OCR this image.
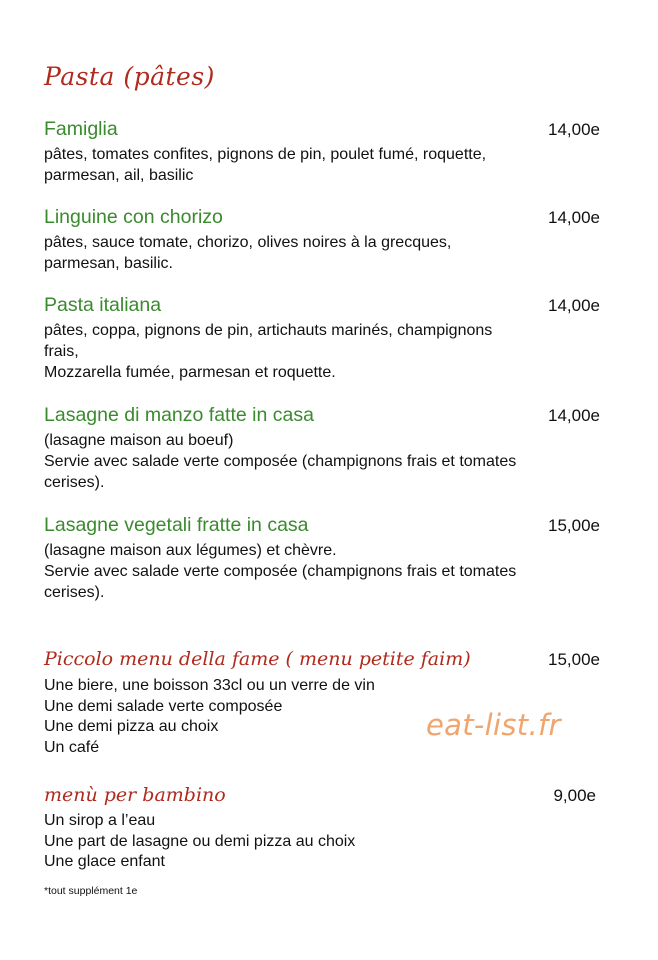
Pasta (pâtes)
Famiglia	14,00e
pâtes, tomates confites, pignons de pin, poulet fumé, roquette,
parmesan, ail, basilic
Linguine con chorizo	14,00e
pâtes, sauce tomate, chorizo, olives noires à la grecques,
parmesan, basilic.
Pasta italiana	14,00e
pâtes, coppa, pignons de pin, artichauts marinés, champignons
frais,
Mozzarella fumée, parmesan et roquette.
Lasagne di manzo fatte in casa	14,00e
(lasagne maison au boeuf)
Servie avec salade verte composée (champignons frais et tomates
cerises).
Lasagne vegetali fratte in casa	15,00e
(lasagne maison aux légumes) et chèvre.
Servie avec salade verte composée (champignons frais et tomates
cerises).
Piccolo menu della fame ( menu petite faim)	15,00e
Une biere, une boisson 33cl ou un verre de vin
Une demi salade verte composée
Une demi pizza au choix
Un café
eat-list.fr
menù per bambino	9,00e
Un sirop a l’eau
Une part de lasagne ou demi pizza au choix
Une glace enfant
*tout supplément 1e
